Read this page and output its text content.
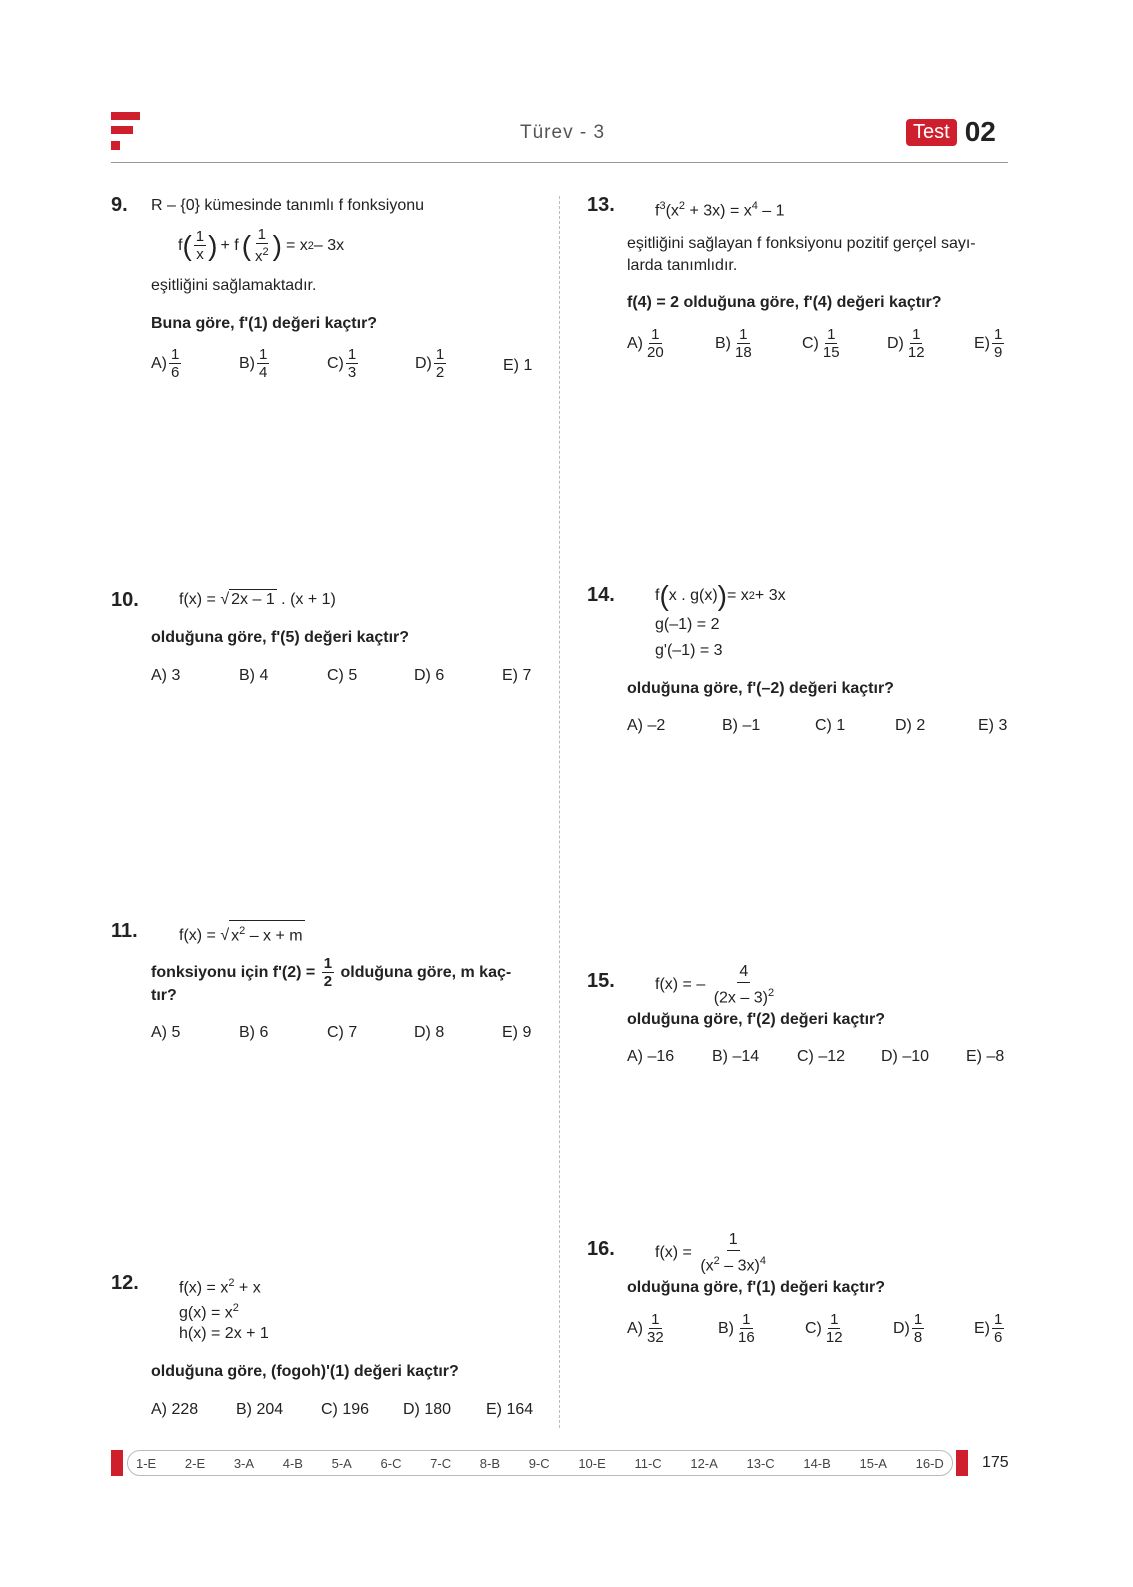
Türev - 3	Test 02
9. R – {0} kümesinde tanımlı f fonksiyonu
f ( $\frac{1}{x}$ ) + f ( $\frac{1}{x^2}$ ) = x 2 – 3x
eşitliğini sağlamaktadır.
Buna göre, f'(1) değeri kaçtır?
$A) \frac{1}{6}$	$B) \frac{1}{4}$	$C) \frac{1}{3}$	$D) \frac{1}{2}$	E) 1
10.	f(x) =
√ 2x – 1
. (x + 1)
olduğuna göre, f'(5) değeri kaçtır?
A) 3	B) 4	C) 5	D) 6	E) 7
11.	f(x) =
√ $x^2 - x + m$
fonksiyonu için f'(2) =
$\frac{1}{2}$
olduğuna göre, m kaç-
tır?
A) 5	B) 6	C) 7	D) 8	E) 9
12.	$f(x) = x^2 + x$
$g(x) = x^2$
h(x) = 2x + 1
olduğuna göre, (fogoh)'(1) değeri kaçtır?
A) 228 B) 204 C) 196 D) 180 E) 164
13.	$f^3(x^2 + 3x) = x^4 - 1$
eşitliğini sağlayan f fonksiyonu pozitif gerçel sayı-
larda tanımlıdır.
f(4) = 2 olduğuna göre, f'(4) değeri kaçtır?
$A) \frac{1}{20}$	$B) \frac{1}{18}$	$C) \frac{1}{15}$	$D) \frac{1}{12}$	$E) \frac{1}{9}$
14.	f ( x . g(x) ) = x 2 + 3x
g(–1) = 2
g'(–1) = 3
olduğuna göre, f'(–2) değeri kaçtır?
A) –2	B) –1	C) 1	D) 2	E) 3
15.	f(x) = –
$\frac{4}{(2x - 3)^2}$
olduğuna göre, f'(2) değeri kaçtır?
A) –16 B) –14 C) –12 D) –10 E) –8
16.	f(x) =
$\frac{1}{(x^2 - 3x)^4}$
olduğuna göre, f'(1) değeri kaçtır?
$A) \frac{1}{32}$	$B) \frac{1}{16}$	$C) \frac{1}{12}$	$D) \frac{1}{8}$	$E) \frac{1}{6}$
1-E 2-E 3-A 4-B 5-A 6-C 7-C 8-B 9-C 10-E 11-C 12-A 13-C 14-B 15-A 16-D 175
